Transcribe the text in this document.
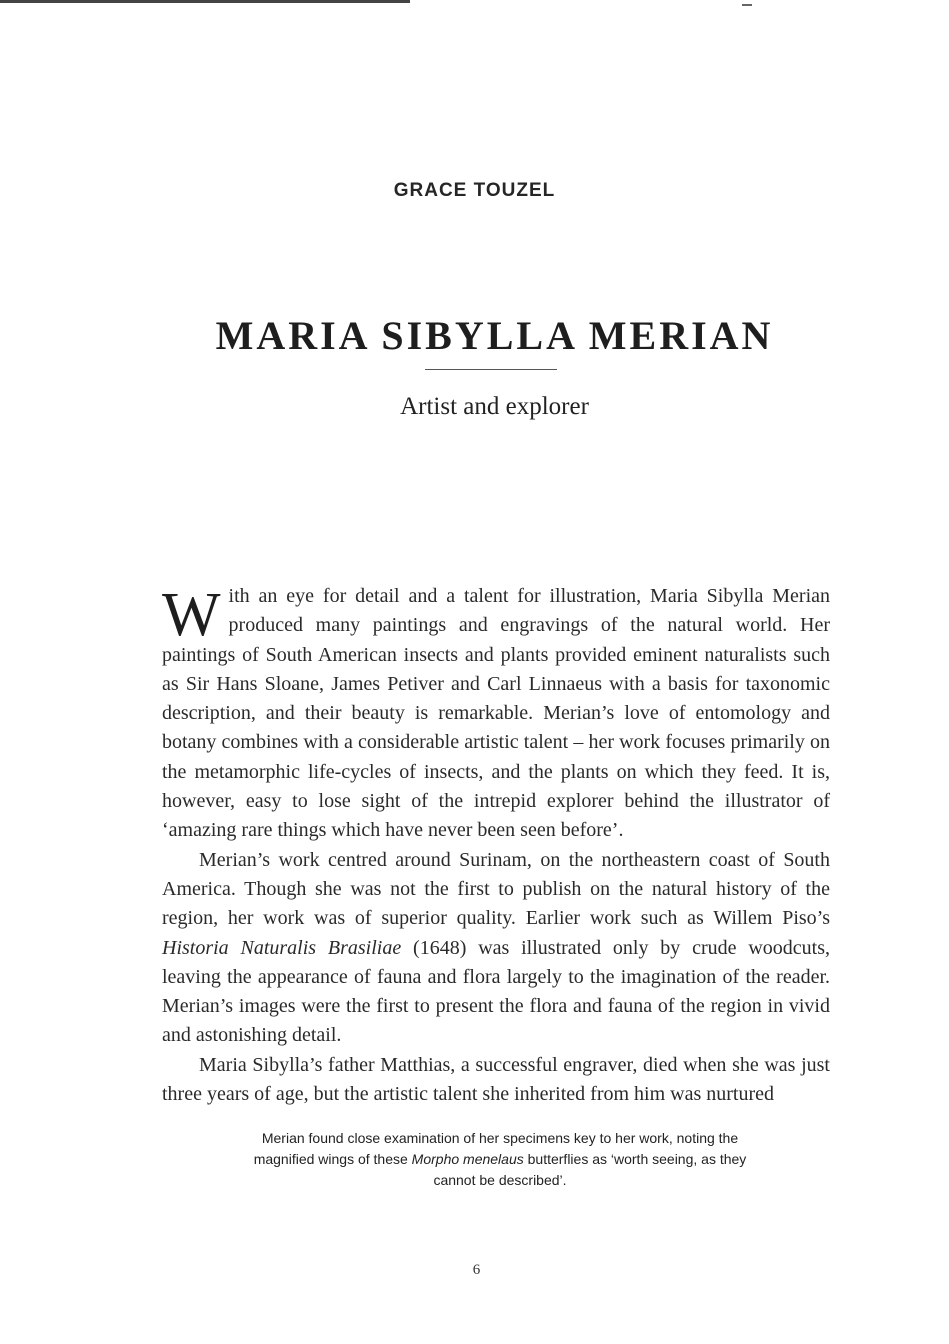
GRACE TOUZEL
MARIA SIBYLLA MERIAN
Artist and explorer

With an eye for detail and a talent for illustration, Maria Sibylla Merian produced many paintings and engravings of the natural world. Her paintings of South American insects and plants provided eminent naturalists such as Sir Hans Sloane, James Petiver and Carl Linnaeus with a basis for taxonomic description, and their beauty is remarkable. Merian’s love of entomology and botany combines with a considerable artistic talent – her work focuses primarily on the metamorphic life-cycles of insects, and the plants on which they feed. It is, however, easy to lose sight of the intrepid explorer behind the illustrator of ‘amazing rare things which have never been seen before’.

Merian’s work centred around Surinam, on the northeastern coast of South America. Though she was not the first to publish on the natural history of the region, her work was of superior quality. Earlier work such as Willem Piso’s Historia Naturalis Brasiliae (1648) was illustrated only by crude woodcuts, leaving the appearance of fauna and flora largely to the imagination of the reader. Merian’s images were the first to present the flora and fauna of the region in vivid and astonishing detail.

Maria Sibylla’s father Matthias, a successful engraver, died when she was just three years of age, but the artistic talent she inherited from him was nurtured

Merian found close examination of her specimens key to her work, noting the magnified wings of these Morpho menelaus butterflies as ‘worth seeing, as they cannot be described’.
6
